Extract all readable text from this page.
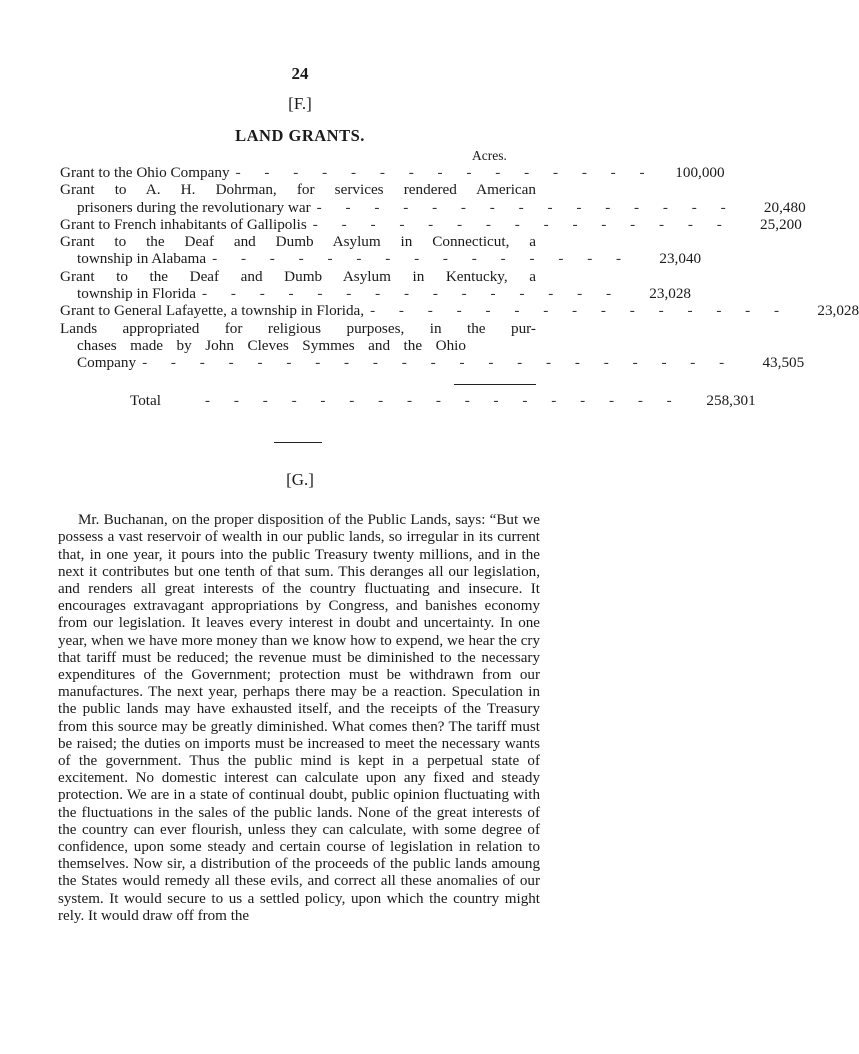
24
[F.]
LAND GRANTS.
Acres.
Grant to the Ohio Company - - - - - - - - - - - - - - -	100,000
Grant to A. H. Dohrman, for services rendered American
prisoners during the revolutionary war - - - - - - - - - - - - - - -	20,480
Grant to French inhabitants of Gallipolis - - - - - - - - - - - - - - -	25,200
Grant to the Deaf and Dumb Asylum in Connecticut, a
township in Alabama - - - - - - - - - - - - - - -	23,040
Grant to the Deaf and Dumb Asylum in Kentucky, a
township in Florida - - - - - - - - - - - - - - -	23,028
Grant to General Lafayette, a township in Florida, - - - - - - - - - - - - - - -	23,028
Lands appropriated for religious purposes, in the pur-
chases made by John Cleves Symmes and the Ohio
Company - - - - - - - - - - - - - - - - - - - - -	43,505
Total	- - - - - - - - - - - - - - - - -	258,301
[G.]

Mr. Buchanan, on the proper disposition of the Public Lands, says: “But we possess a vast reservoir of wealth in our public lands, so irregular in its current that, in one year, it pours into the public Treasury twenty millions, and in the next it contributes but one tenth of that sum. This deranges all our legislation, and renders all great interests of the country fluctuating and insecure. It encourages extravagant appropriations by Congress, and banishes economy from our legislation. It leaves every interest in doubt and uncertainty. In one year, when we have more money than we know how to expend, we hear the cry that tariff must be reduced; the revenue must be diminished to the necessary expenditures of the Government; protection must be withdrawn from our manufactures. The next year, perhaps there may be a reaction. Speculation in the public lands may have exhausted itself, and the receipts of the Treasury from this source may be greatly diminished. What comes then? The tariff must be raised; the duties on imports must be increased to meet the necessary wants of the government. Thus the public mind is kept in a perpetual state of excitement. No domestic interest can calculate upon any fixed and steady protection. We are in a state of continual doubt, public opinion fluctuating with the fluctuations in the sales of the public lands. None of the great interests of the country can ever flourish, unless they can calculate, with some degree of confidence, upon some steady and certain course of legislation in relation to themselves. Now sir, a distribution of the proceeds of the public lands amoung the States would remedy all these evils, and correct all these anomalies of our system. It would secure to us a settled policy, upon which the country might rely. It would draw off from the
